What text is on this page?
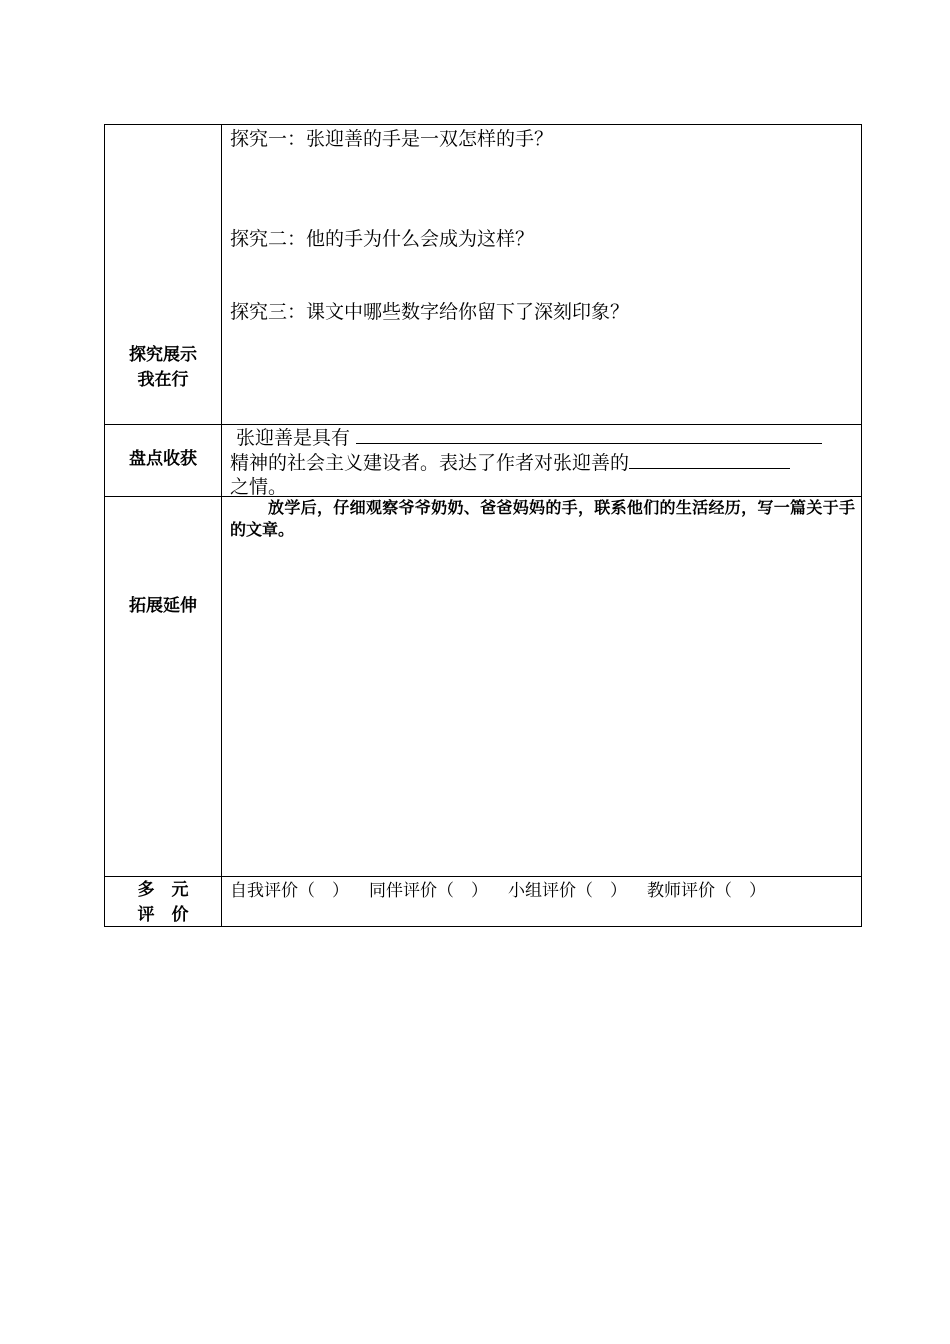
探究展示
我在行	探究一：张迎善的手是一双怎样的手？
探究二：他的手为什么会成为这样？
探究三：课文中哪些数字给你留下了深刻印象？

盘点收获	张迎善是具有
精神的社会主义建设者。表达了作者对张迎善的
之情。

拓展延伸	放学后，仔细观察爷爷奶奶、爸爸妈妈的手，联系他们的生活经历，写一篇关于手的文章。

多　元
评　价	自我评价（　） 同伴评价（　） 小组评价（　） 教师评价（　）
